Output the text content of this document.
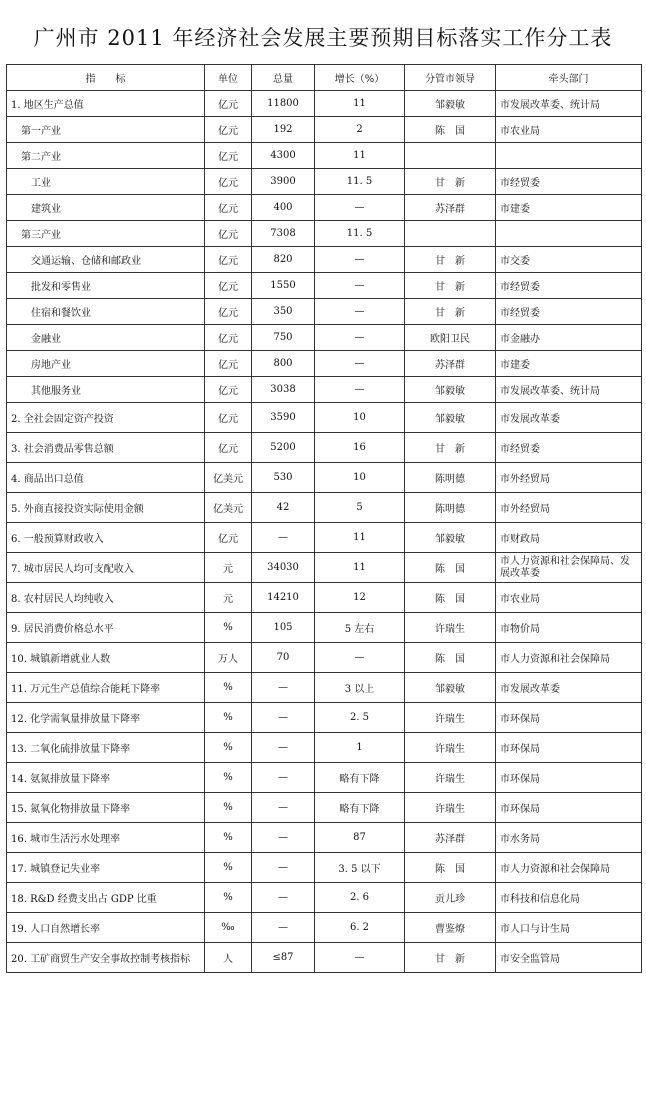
广州市 2011 年经济社会发展主要预期目标落实工作分工表
指　　标	单位	总量	增长（%）	分管市领导	牵头部门
1. 地区生产总值	亿元	11800	11	邹毅敏	市发展改革委、统计局
第一产业	亿元	192	2	陈　国	市农业局
第二产业	亿元	4300	11		
工业	亿元	3900	11. 5	甘　新	市经贸委
建筑业	亿元	400	—	苏泽群	市建委
第三产业	亿元	7308	11. 5		
交通运输、仓储和邮政业	亿元	820	—	甘　新	市交委
批发和零售业	亿元	1550	—	甘　新	市经贸委
住宿和餐饮业	亿元	350	—	甘　新	市经贸委
金融业	亿元	750	—	欧阳卫民	市金融办
房地产业	亿元	800	—	苏泽群	市建委
其他服务业	亿元	3038	—	邹毅敏	市发展改革委、统计局
2. 全社会固定资产投资	亿元	3590	10	邹毅敏	市发展改革委
3. 社会消费品零售总额	亿元	5200	16	甘　新	市经贸委
4. 商品出口总值	亿美元	530	10	陈明德	市外经贸局
5. 外商直接投资实际使用金额	亿美元	42	5	陈明德	市外经贸局
6. 一般预算财政收入	亿元	—	11	邹毅敏	市财政局
7. 城市居民人均可支配收入	元	34030	11	陈　国	市人力资源和社会保障局、发展改革委
8. 农村居民人均纯收入	元	14210	12	陈　国	市农业局
9. 居民消费价格总水平	%	105	5 左右	许瑞生	市物价局
10. 城镇新增就业人数	万人	70	—	陈　国	市人力资源和社会保障局
11. 万元生产总值综合能耗下降率	%	—	3 以上	邹毅敏	市发展改革委
12. 化学需氧量排放量下降率	%	—	2. 5	许瑞生	市环保局
13. 二氧化硫排放量下降率	%	—	1	许瑞生	市环保局
14. 氨氮排放量下降率	%	—	略有下降	许瑞生	市环保局
15. 氮氧化物排放量下降率	%	—	略有下降	许瑞生	市环保局
16. 城市生活污水处理率	%	—	87	苏泽群	市水务局
17. 城镇登记失业率	%	—	3. 5 以下	陈　国	市人力资源和社会保障局
18. R&D 经费支出占 GDP 比重	%	—	2. 6	贡儿珍	市科技和信息化局
19. 人口自然增长率	‰	—	6. 2	曹鉴燎	市人口与计生局
20. 工矿商贸生产安全事故控制考核指标	人	≤87	—	甘　新	市安全监管局
